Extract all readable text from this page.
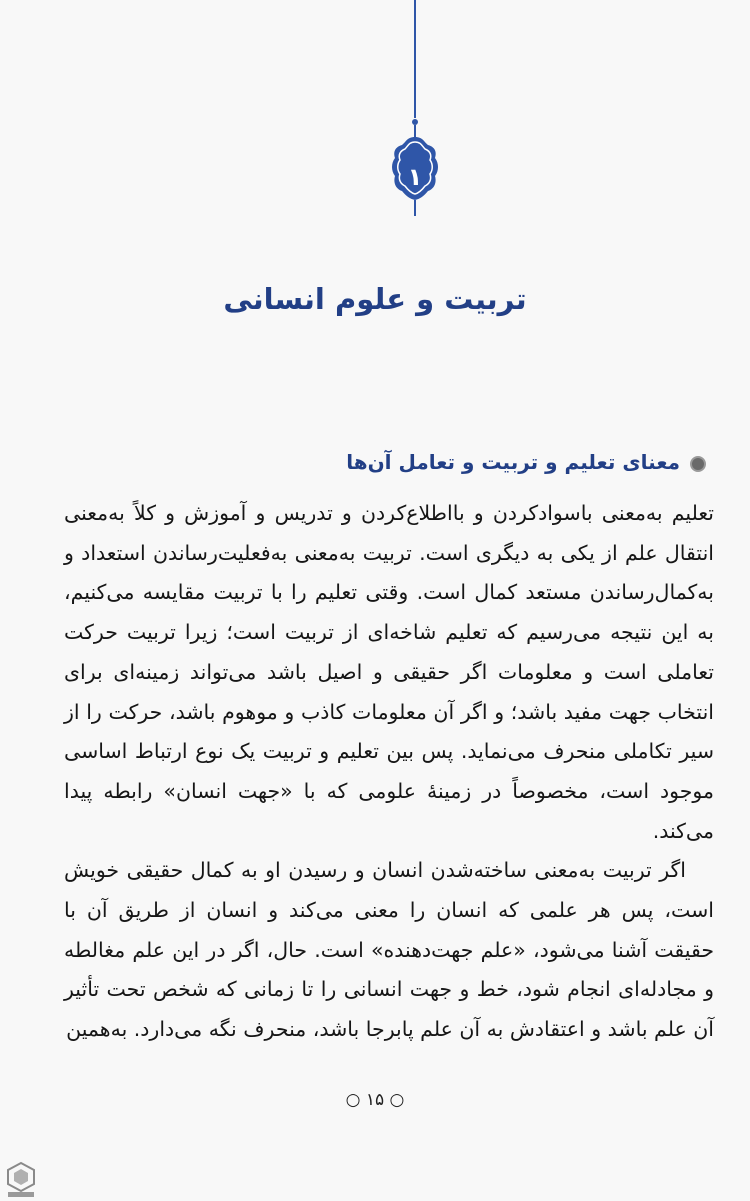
۱
تربیت و علوم انسانی
معنای تعلیم و تربیت و تعامل آن‌ها

تعلیم به‌معنی باسوادکردن و بااطلاع‌کردن و تدریس و آموزش و کلاً به‌معنی انتقال علم از یکی به دیگری است. تربیت به‌معنی به‌فعلیت‌رساندن استعداد و به‌کمال‌رساندن مستعد کمال است. وقتی تعلیم را با تربیت مقایسه می‌کنیم، به این نتیجه می‌رسیم که تعلیم شاخه‌ای از تربیت است؛ زیرا تربیت حرکت تعاملی است و معلومات اگر حقیقی و اصیل باشد می‌تواند زمینه‌ای برای انتخاب جهت مفید باشد؛ و اگر آن معلومات کاذب و موهوم باشد، حرکت را از سیر تکاملی منحرف می‌نماید. پس بین تعلیم و تربیت یک نوع ارتباط اساسی موجود است، مخصوصاً در زمینهٔ علومی که با «جهت انسان» رابطه پیدا می‌کند.

اگر تربیت به‌معنی ساخته‌شدن انسان و رسیدن او به کمال حقیقی خویش است، پس هر علمی که انسان را معنی می‌کند و انسان از طریق آن با حقیقت آشنا می‌شود، «علم جهت‌دهنده» است. حال، اگر در این علم مغالطه و مجادله‌ای انجام شود، خط و جهت انسانی را تا زمانی که شخص تحت تأثیر آن علم باشد و اعتقادش به آن علم پابرجا باشد، منحرف نگه می‌دارد. به‌همین

○ ۱۵ ○
